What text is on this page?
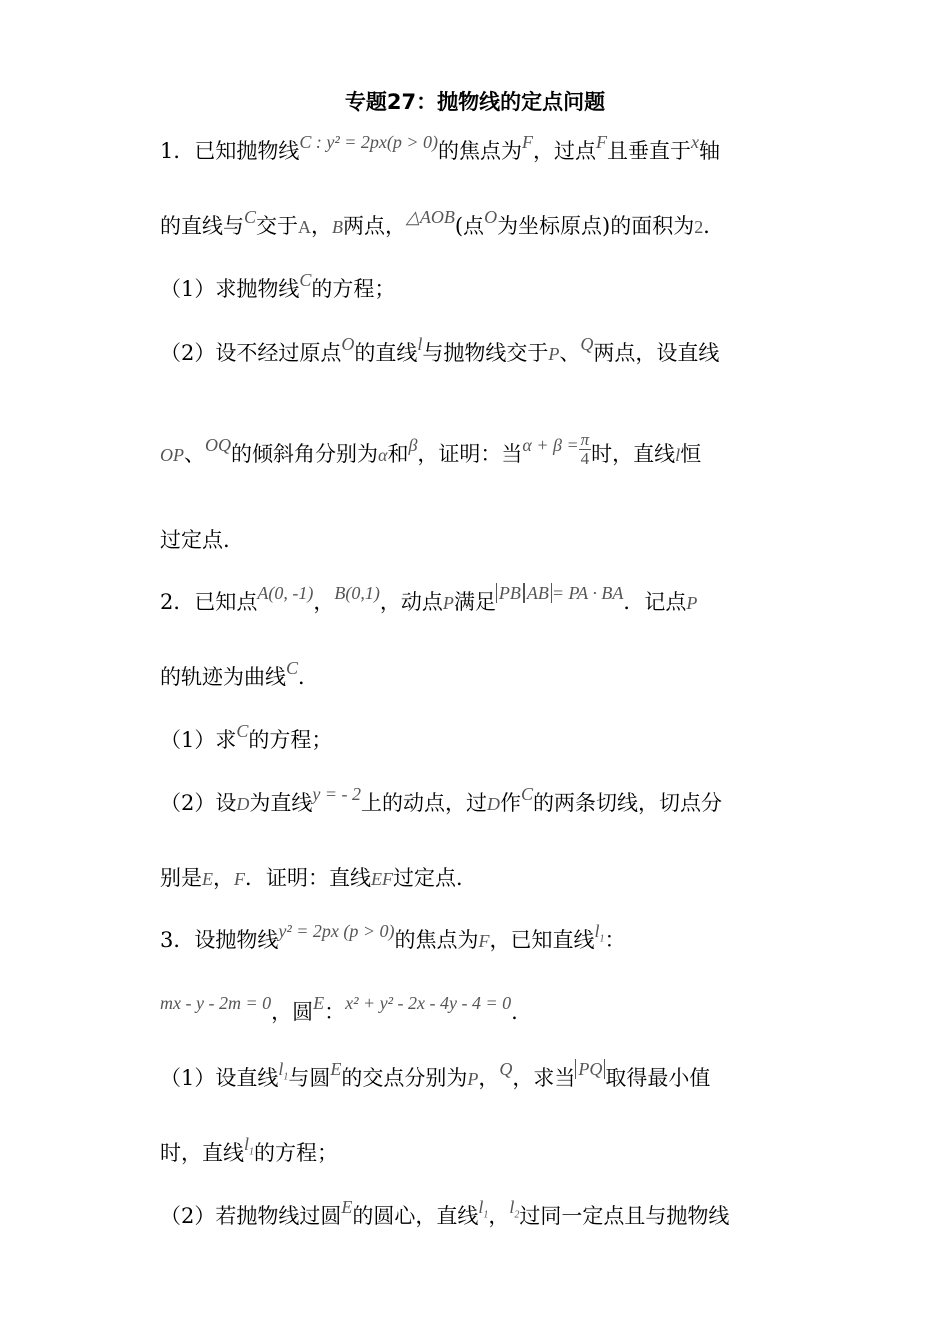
专题27：抛物线的定点问题
1．已知抛物线C : y² = 2px(p > 0)的焦点为F，过点F且垂直于x轴
的直线与C交于A，B两点，△AOB(点O为坐标原点)的面积为2．
（1）求抛物线C的方程；
（2）设不经过原点O的直线l与抛物线交于P、Q两点，设直线
OP、OQ的倾斜角分别为α和β，证明：当$\alpha + \beta = \frac{\pi}{4}$ 时，直线l恒
过定点.
2．已知点A(0, -1)，B(0,1)，动点P满足 PB AB = PA · BA．记点P
的轨迹为曲线C．
（1）求C的方程；
（2）设D为直线y = - 2上的动点，过D作C的两条切线，切点分
别是E，F．证明：直线EF过定点．
3．设抛物线y² = 2px (p > 0)的焦点为F，已知直线$l_1$：
mx - y - 2m = 0，圆E：x² + y² - 2x - 4y - 4 = 0.
（1）设直线$l_1$与圆E的交点分别为P，Q，求当 PQ 取得最小值
时，直线$l_1$的方程；
（2）若抛物线过圆E的圆心，直线$l_1$，$l_2$过同一定点且与抛物线
